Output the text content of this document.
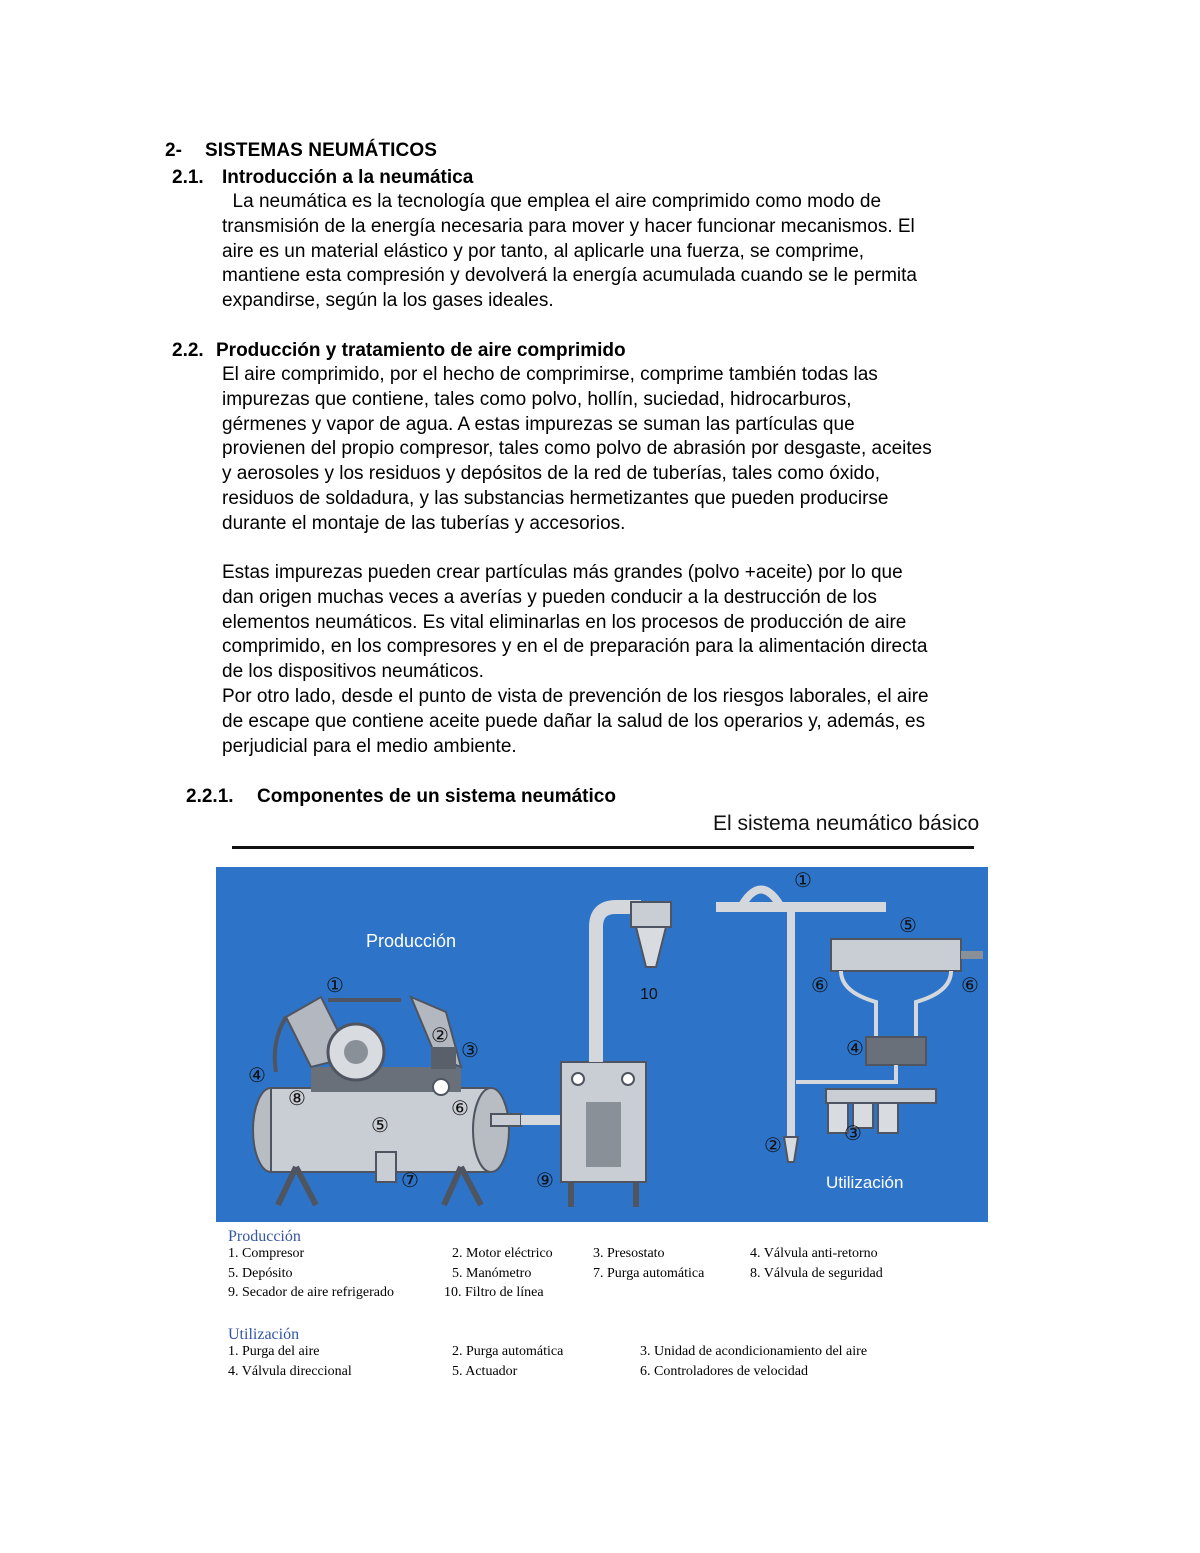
2- SISTEMAS NEUMÁTICOS
2.1. Introducción a la neumática

La neumática es la tecnología que emplea el aire comprimido como modo de
transmisión de la energía necesaria para mover y hacer funcionar mecanismos. El
aire es un material elástico y por tanto, al aplicarle una fuerza, se comprime,
mantiene esta compresión y devolverá la energía acumulada cuando se le permita
expandirse, según la los gases ideales.

2.2. Producción y tratamiento de aire comprimido

El aire comprimido, por el hecho de comprimirse, comprime también todas las
impurezas que contiene, tales como polvo, hollín, suciedad, hidrocarburos,
gérmenes y vapor de agua. A estas impurezas se suman las partículas que
provienen del propio compresor, tales como polvo de abrasión por desgaste, aceites
y aerosoles y los residuos y depósitos de la red de tuberías, tales como óxido,
residuos de soldadura, y las substancias hermetizantes que pueden producirse
durante el montaje de las tuberías y accesorios.

Estas impurezas pueden crear partículas más grandes (polvo +aceite) por lo que
dan origen muchas veces a averías y pueden conducir a la destrucción de los
elementos neumáticos. Es vital eliminarlas en los procesos de producción de aire
comprimido, en los compresores y en el de preparación para la alimentación directa
de los dispositivos neumáticos.
Por otro lado, desde el punto de vista de prevención de los riesgos laborales, el aire
de escape que contiene aceite puede dañar la salud de los operarios y, además, es
perjudicial para el medio ambiente.

2.2.1. Componentes de un sistema neumático
El sistema neumático básico
Producción
Utilización
①
②
③
④
⑤
⑥
⑦
⑧
⑨
10
①
②
⑤
⑥	⑥
④
③
Producción
1. Compresor	2. Motor eléctrico	3. Presostato	4. Válvula anti-retorno
5. Depósito	5. Manómetro	7. Purga automática	8. Válvula de seguridad
9. Secador de aire refrigerado	10. Filtro de línea
Utilización
1. Purga del aire	2. Purga automática	3. Unidad de acondicionamiento del aire
4. Válvula direccional	5. Actuador	6. Controladores de velocidad
